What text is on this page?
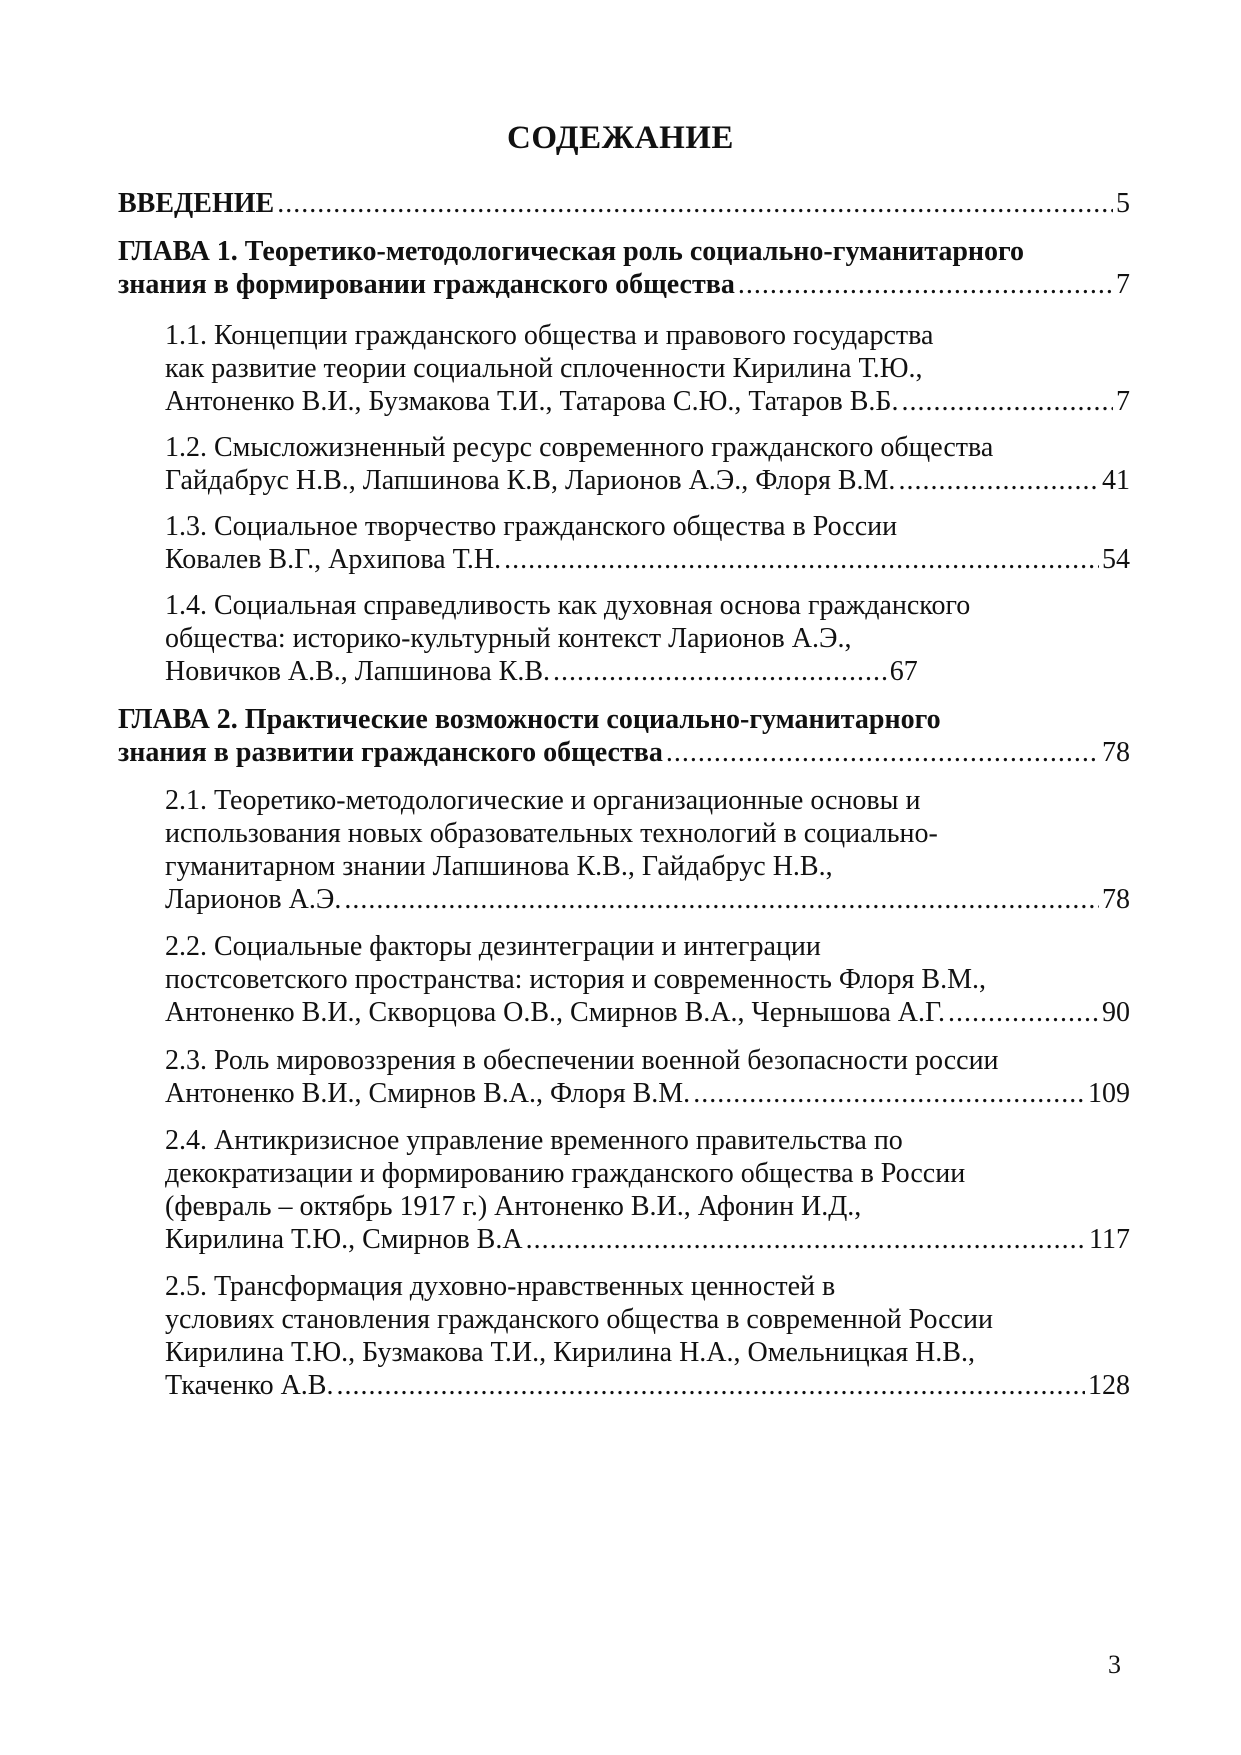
СОДЕЖАНИЕ
ВВЕДЕНИЕ .....	5
ГЛАВА 1. Теоретико-методологическая роль социально-гуманитарного
знания в формировании гражданского общества .....	7
1.1. Концепции гражданского общества и правового государства
как развитие теории социальной сплоченности Кирилина Т.Ю.,
Антоненко В.И., Бузмакова Т.И., Татарова С.Ю., Татаров В.Б. .....	7
1.2. Смысложизненный ресурс современного гражданского общества
Гайдабрус Н.В., Лапшинова К.В, Ларионов А.Э., Флоря В.М. .....	41
1.3. Социальное творчество гражданского общества в России
Ковалев В.Г., Архипова Т.Н. .....	54
1.4. Социальная справедливость как духовная основа гражданского
общества: историко-культурный контекст Ларионов А.Э.,
Новичков А.В., Лапшинова К.В. .....	67
ГЛАВА 2. Практические возможности социально-гуманитарного
знания в развитии гражданского общества .....	78
2.1. Теоретико-методологические и организационные основы и
использования новых образовательных технологий в социально-
гуманитарном знании Лапшинова К.В., Гайдабрус Н.В.,
Ларионов А.Э. .....	78
2.2. Социальные факторы дезинтеграции и интеграции
постсоветского пространства: история и современность Флоря В.М.,
Антоненко В.И., Скворцова О.В., Смирнов В.А., Чернышова А.Г. .....	90
2.3. Роль мировоззрения в обеспечении военной безопасности россии
Антоненко В.И., Смирнов В.А., Флоря В.М. .....	109
2.4. Антикризисное управление временного правительства по
декократизации и формированию гражданского общества в России
(февраль – октябрь 1917 г.) Антоненко В.И., Афонин И.Д.,
Кирилина Т.Ю., Смирнов В.А .....	117
2.5. Трансформация духовно-нравственных ценностей в
условиях становления гражданского общества в современной России
Кирилина Т.Ю., Бузмакова Т.И., Кирилина Н.А., Омельницкая Н.В.,
Ткаченко А.В. .....	128
3
